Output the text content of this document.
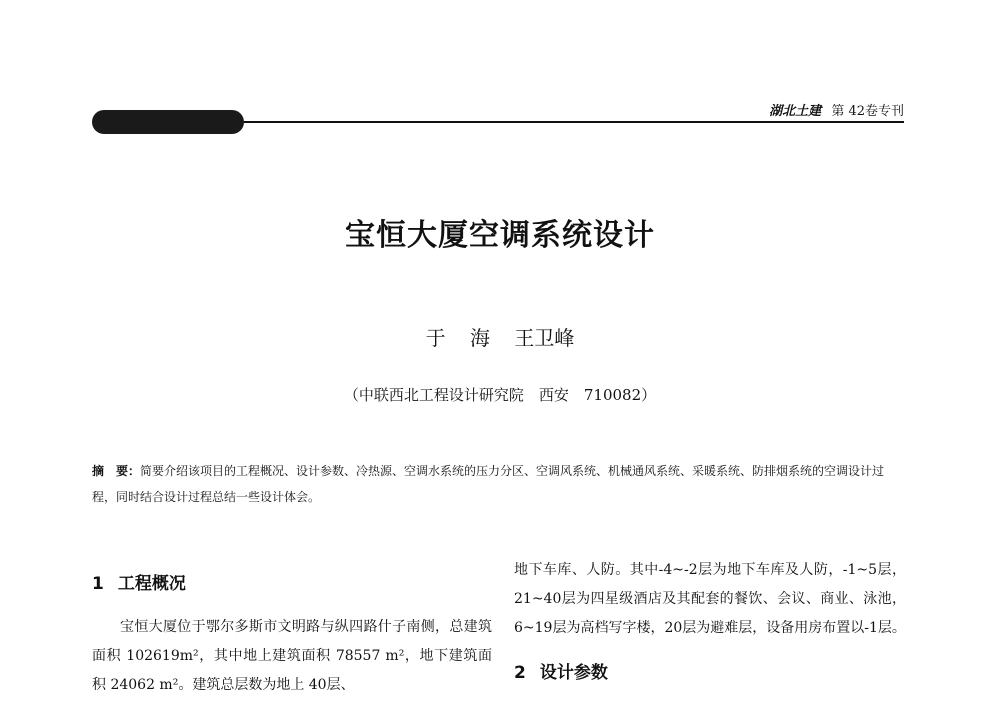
湖北土建 第 42卷专刊
宝恒大厦空调系统设计
于 海 王卫峰
（中联西北工程设计研究院　西安　710082）
摘　要：简要介绍该项目的工程概况、设计参数、冷热源、空调水系统的压力分区、空调风系统、机械通风系统、采暖系统、防排烟系统的空调设计过程，同时结合设计过程总结一些设计体会。
1 工程概况

宝恒大厦位于鄂尔多斯市文明路与纵四路什子南侧，总建筑面积 102619m²，其中地上建筑面积 78557 m²，地下建筑面积 24062 m²。建筑总层数为地上 40层、

地下车库、人防。其中-4~-2层为地下车库及人防，-1~5层，21~40层为四星级酒店及其配套的餐饮、会议、商业、泳池，6~19层为高档写字楼，20层为避难层，设备用房布置以-1层。

2 设计参数
